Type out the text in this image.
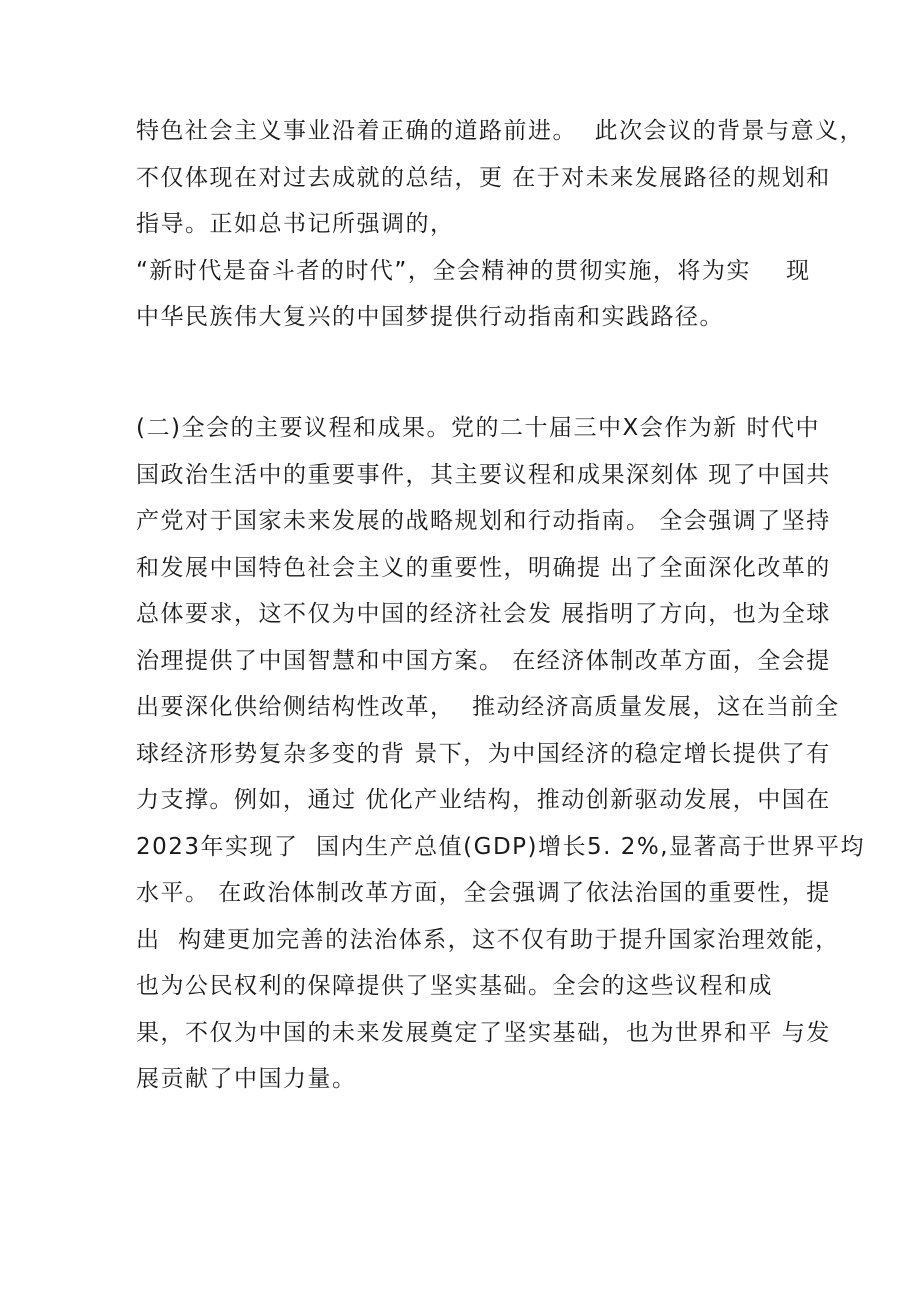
特色社会主义事业沿着正确的道路前进。  此次会议的背景与意义，
不仅体现在对过去成就的总结，更 在于对未来发展路径的规划和
指导。正如总书记所强调的，
“新时代是奋斗者的时代”，全会精神的贯彻实施，将为实    现
中华民族伟大复兴的中国梦提供行动指南和实践路径。
(二)全会的主要议程和成果。党的二十届三中X会作为新 时代中
国政治生活中的重要事件，其主要议程和成果深刻体 现了中国共
产党对于国家未来发展的战略规划和行动指南。 全会强调了坚持
和发展中国特色社会主义的重要性，明确提 出了全面深化改革的
总体要求，这不仅为中国的经济社会发 展指明了方向，也为全球
治理提供了中国智慧和中国方案。 在经济体制改革方面，全会提
出要深化供给侧结构性改革，  推动经济高质量发展，这在当前全
球经济形势复杂多变的背 景下，为中国经济的稳定增长提供了有
力支撑。例如，通过 优化产业结构，推动创新驱动发展，中国在
2023年实现了  国内生产总值(GDP)增长5. 2%,显著高于世界平均
水平。 在政治体制改革方面，全会强调了依法治国的重要性，提
出  构建更加完善的法治体系，这不仅有助于提升国家治理效能，
也为公民权利的保障提供了坚实基础。全会的这些议程和成
果，不仅为中国的未来发展奠定了坚实基础，也为世界和平 与发
展贡献了中国力量。
